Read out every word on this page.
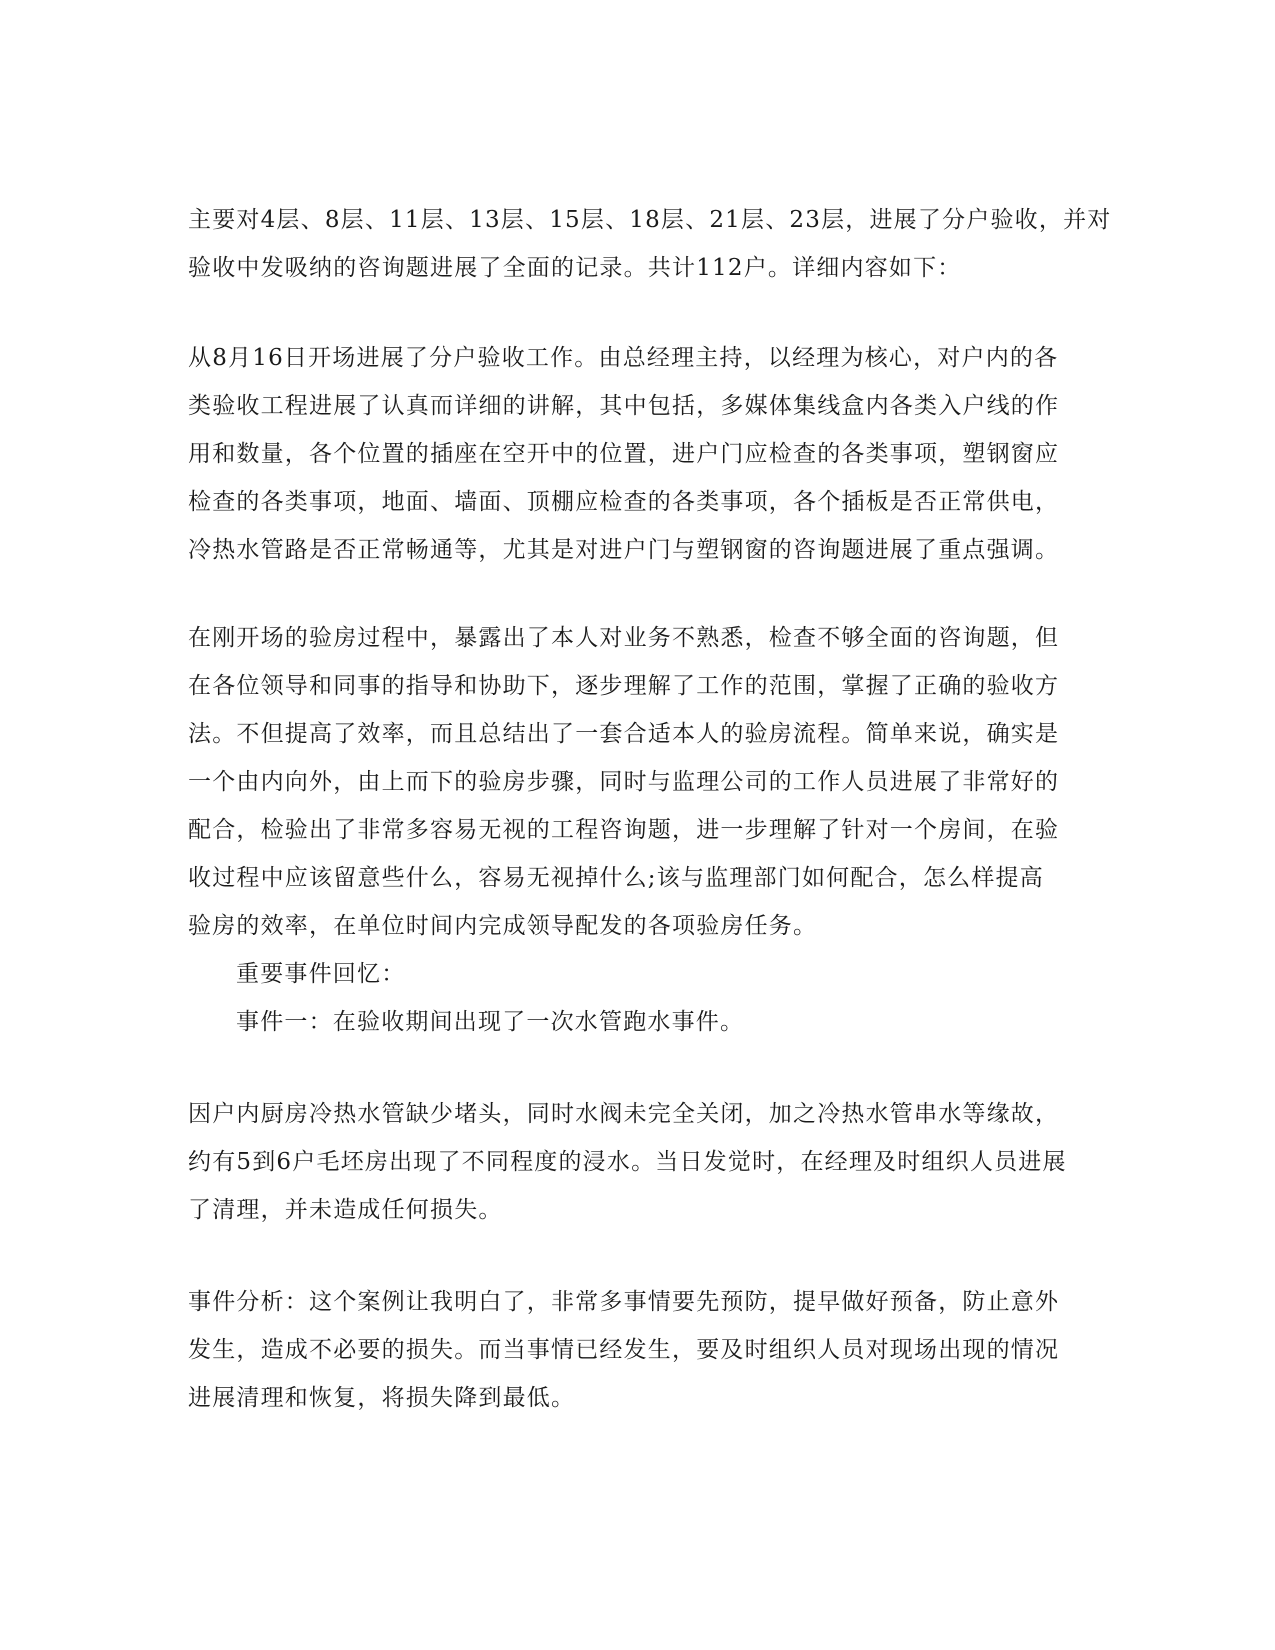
主要对4层、8层、11层、13层、15层、18层、21层、23层，进展了分户验收，并对
验收中发吸纳的咨询题进展了全面的记录。共计112户。详细内容如下：
从8月16日开场进展了分户验收工作。由总经理主持，以经理为核心，对户内的各
类验收工程进展了认真而详细的讲解，其中包括，多媒体集线盒内各类入户线的作
用和数量，各个位置的插座在空开中的位置，进户门应检查的各类事项，塑钢窗应
检查的各类事项，地面、墙面、顶棚应检查的各类事项，各个插板是否正常供电，
冷热水管路是否正常畅通等，尤其是对进户门与塑钢窗的咨询题进展了重点强调。
在刚开场的验房过程中，暴露出了本人对业务不熟悉，检查不够全面的咨询题，但
在各位领导和同事的指导和协助下，逐步理解了工作的范围，掌握了正确的验收方
法。不但提高了效率，而且总结出了一套合适本人的验房流程。简单来说，确实是
一个由内向外，由上而下的验房步骤，同时与监理公司的工作人员进展了非常好的
配合，检验出了非常多容易无视的工程咨询题，进一步理解了针对一个房间，在验
收过程中应该留意些什么，容易无视掉什么;该与监理部门如何配合，怎么样提高
验房的效率，在单位时间内完成领导配发的各项验房任务。
重要事件回忆：
事件一：在验收期间出现了一次水管跑水事件。
因户内厨房冷热水管缺少堵头，同时水阀未完全关闭，加之冷热水管串水等缘故，
约有5到6户毛坯房出现了不同程度的浸水。当日发觉时，在经理及时组织人员进展
了清理，并未造成任何损失。
事件分析：这个案例让我明白了，非常多事情要先预防，提早做好预备，防止意外
发生，造成不必要的损失。而当事情已经发生，要及时组织人员对现场出现的情况
进展清理和恢复，将损失降到最低。
